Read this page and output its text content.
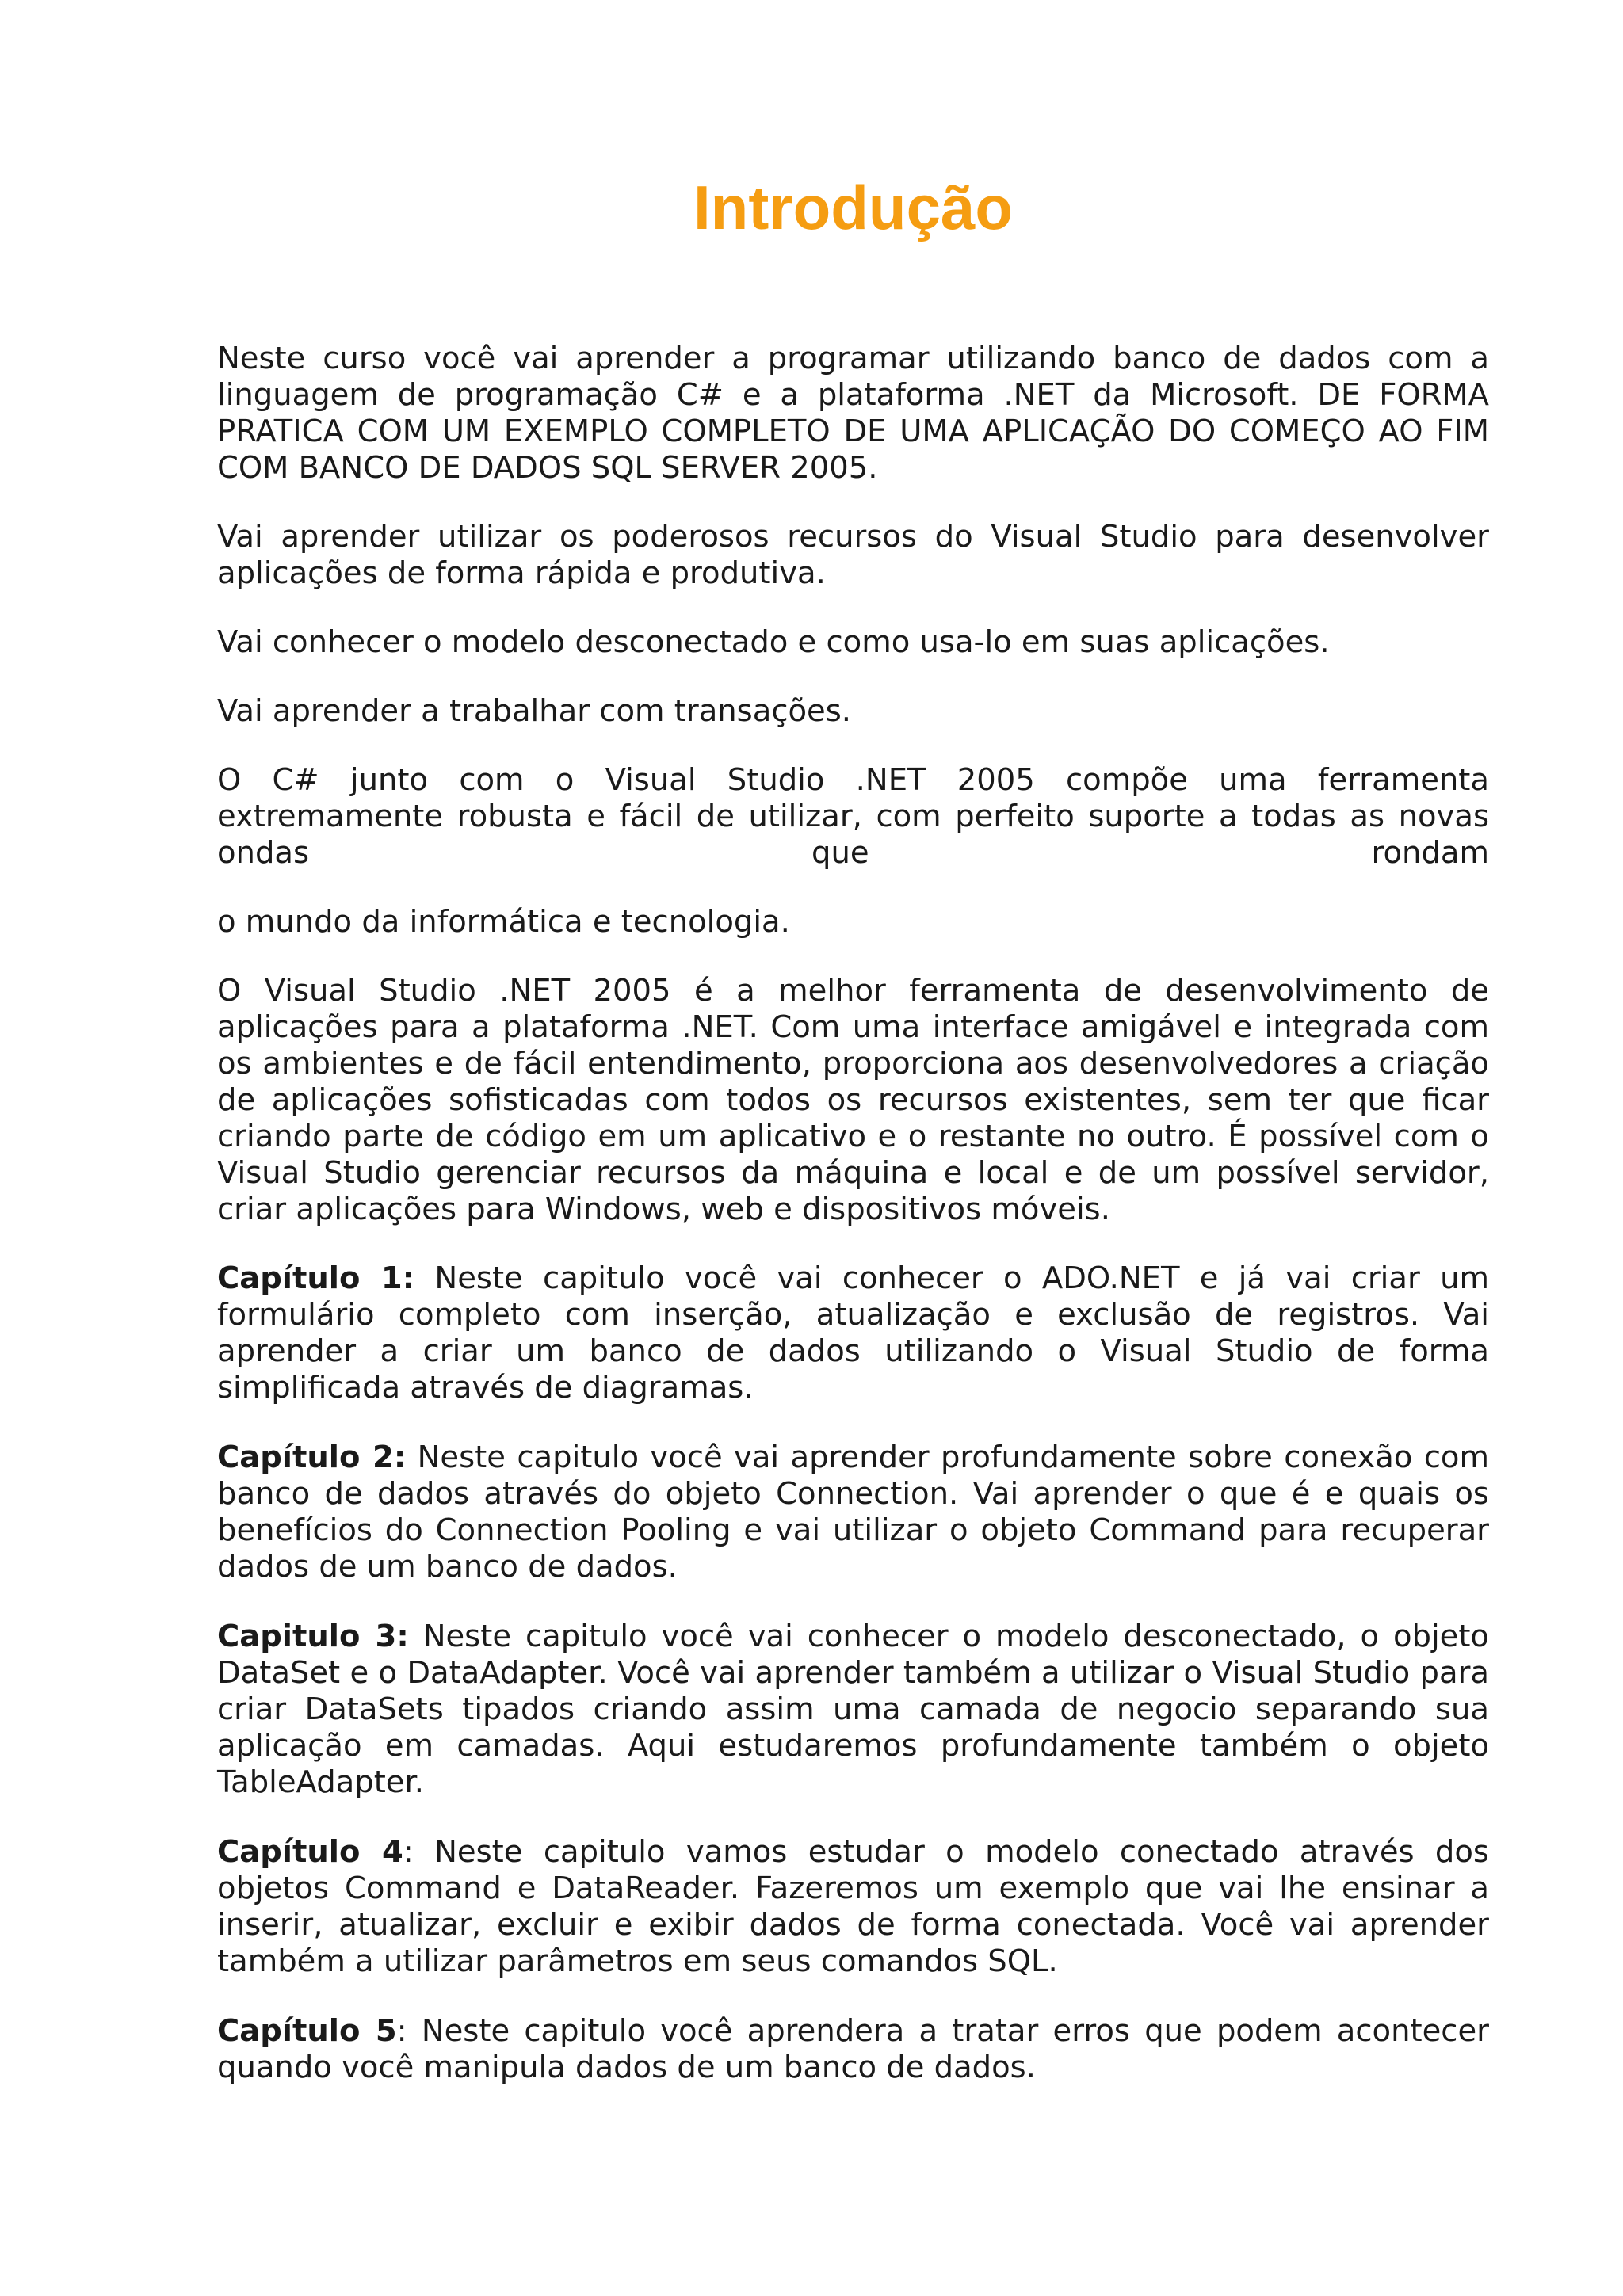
Introdução

Neste curso você vai aprender a programar utilizando banco de dados com a linguagem de programação C# e a plataforma .NET da Microsoft. DE FORMA PRATICA COM UM EXEMPLO COMPLETO DE UMA APLICAÇÃO DO COMEÇO AO FIM COM BANCO DE DADOS SQL SERVER 2005.

Vai aprender utilizar os poderosos recursos do Visual Studio para desenvolver aplicações de forma rápida e produtiva.

Vai conhecer o modelo desconectado e como usa-lo em suas aplicações.

Vai aprender a trabalhar com transações.

O C# junto com o Visual Studio .NET 2005 compõe uma ferramenta extremamente robusta e fácil de utilizar, com perfeito suporte a todas as novas ondas que rondam

o mundo da informática e tecnologia.

O Visual Studio .NET 2005 é a melhor ferramenta de desenvolvimento de aplicações para a plataforma .NET. Com uma interface amigável e integrada com os ambientes e de fácil entendimento, proporciona aos desenvolvedores a criação de aplicações sofisticadas com todos os recursos existentes, sem ter que ficar criando parte de código em um aplicativo e o restante no outro. É possível com o Visual Studio gerenciar recursos da máquina e local e de um possível servidor, criar aplicações para Windows, web e dispositivos móveis.

Capítulo 1: Neste capitulo você vai conhecer o ADO.NET e já vai criar um formulário completo com inserção, atualização e exclusão de registros. Vai aprender a criar um banco de dados utilizando o Visual Studio de forma simplificada através de diagramas.

Capítulo 2: Neste capitulo você vai aprender profundamente sobre conexão com banco de dados através do objeto Connection. Vai aprender o que é e quais os benefícios do Connection Pooling e vai utilizar o objeto Command para recuperar dados de um banco de dados.

Capitulo 3: Neste capitulo você vai conhecer o modelo desconectado, o objeto DataSet e o DataAdapter. Você vai aprender também a utilizar o Visual Studio para criar DataSets tipados criando assim uma camada de negocio separando sua aplicação em camadas. Aqui estudaremos profundamente também o objeto TableAdapter.

Capítulo 4: Neste capitulo vamos estudar o modelo conectado através dos objetos Command e DataReader. Fazeremos um exemplo que vai lhe ensinar a inserir, atualizar, excluir e exibir dados de forma conectada. Você vai aprender também a utilizar parâmetros em seus comandos SQL.

Capítulo 5: Neste capitulo você aprendera a tratar erros que podem acontecer quando você manipula dados de um banco de dados.
